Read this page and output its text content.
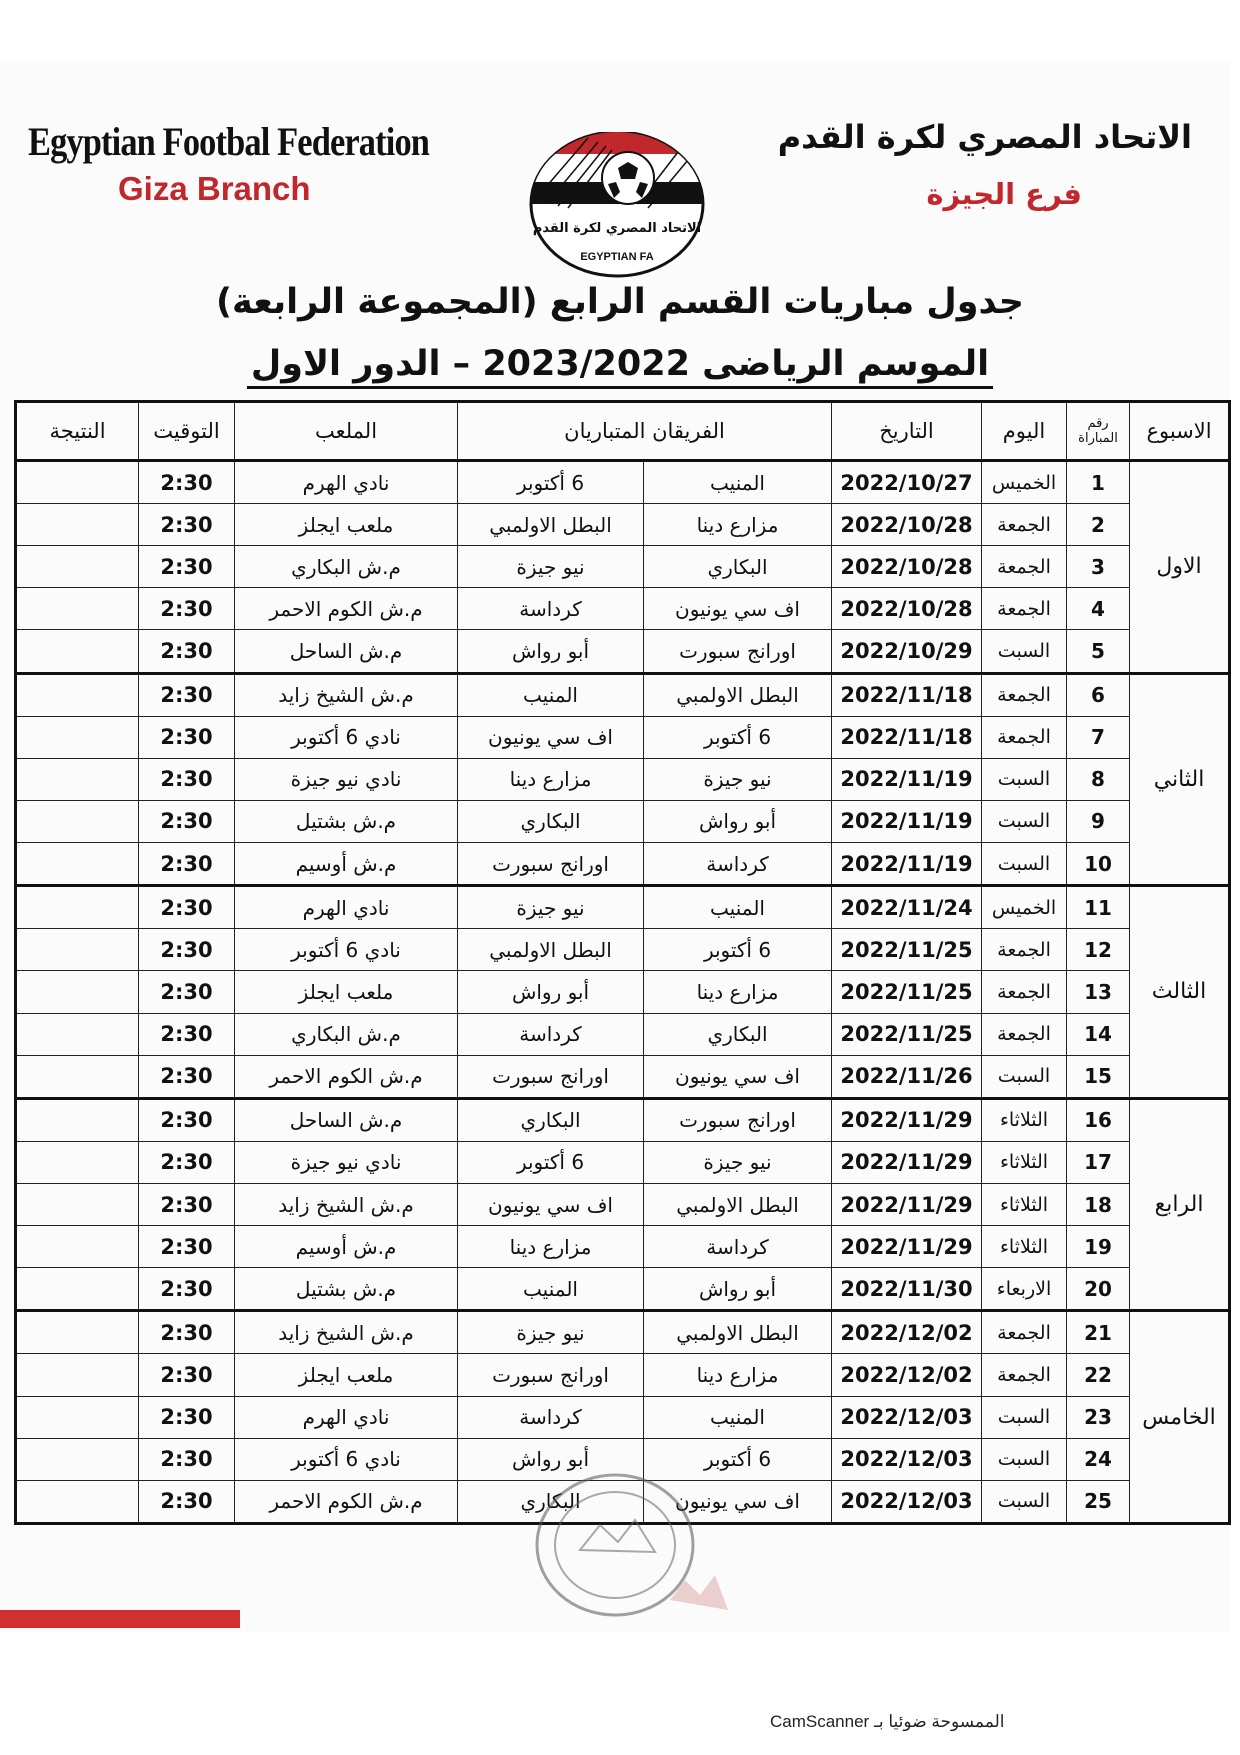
Egyptian Footbal Federation
Giza Branch
الاتحاد المصري لكرة القدم
فرع الجيزة
الاتحاد المصري لكرة القدم
EGYPTIAN FA
جدول مباريات القسم الرابع (المجموعة الرابعة)
الموسم الرياضى 2023/2022 – الدور الاول
الاسبوع	رقم المباراة	اليوم	التاريخ	الفريقان المتباريان		الملعب	التوقيت	النتيجة
الاول	1	الخميس	2022/10/27	المنيب	6 أكتوبر	نادي الهرم	2:30	
	2	الجمعة	2022/10/28	مزارع دينا	البطل الاولمبي	ملعب ايجلز	2:30	
	3	الجمعة	2022/10/28	البكاري	نيو جيزة	م.ش البكاري	2:30	
	4	الجمعة	2022/10/28	اف سي يونيون	كرداسة	م.ش الكوم الاحمر	2:30	
	5	السبت	2022/10/29	اورانج سبورت	أبو رواش	م.ش الساحل	2:30	
الثاني	6	الجمعة	2022/11/18	البطل الاولمبي	المنيب	م.ش الشيخ زايد	2:30	
	7	الجمعة	2022/11/18	6 أكتوبر	اف سي يونيون	نادي 6 أكتوبر	2:30	
	8	السبت	2022/11/19	نيو جيزة	مزارع دينا	نادي نيو جيزة	2:30	
	9	السبت	2022/11/19	أبو رواش	البكاري	م.ش بشتيل	2:30	
	10	السبت	2022/11/19	كرداسة	اورانج سبورت	م.ش أوسيم	2:30	
الثالث	11	الخميس	2022/11/24	المنيب	نيو جيزة	نادي الهرم	2:30	
	12	الجمعة	2022/11/25	6 أكتوبر	البطل الاولمبي	نادي 6 أكتوبر	2:30	
	13	الجمعة	2022/11/25	مزارع دينا	أبو رواش	ملعب ايجلز	2:30	
	14	الجمعة	2022/11/25	البكاري	كرداسة	م.ش البكاري	2:30	
	15	السبت	2022/11/26	اف سي يونيون	اورانج سبورت	م.ش الكوم الاحمر	2:30	
الرابع	16	الثلاثاء	2022/11/29	اورانج سبورت	البكاري	م.ش الساحل	2:30	
	17	الثلاثاء	2022/11/29	نيو جيزة	6 أكتوبر	نادي نيو جيزة	2:30	
	18	الثلاثاء	2022/11/29	البطل الاولمبي	اف سي يونيون	م.ش الشيخ زايد	2:30	
	19	الثلاثاء	2022/11/29	كرداسة	مزارع دينا	م.ش أوسيم	2:30	
	20	الاربعاء	2022/11/30	أبو رواش	المنيب	م.ش بشتيل	2:30	
الخامس	21	الجمعة	2022/12/02	البطل الاولمبي	نيو جيزة	م.ش الشيخ زايد	2:30	
	22	الجمعة	2022/12/02	مزارع دينا	اورانج سبورت	ملعب ايجلز	2:30	
	23	السبت	2022/12/03	المنيب	كرداسة	نادي الهرم	2:30	
	24	السبت	2022/12/03	6 أكتوبر	أبو رواش	نادي 6 أكتوبر	2:30	
	25	السبت	2022/12/03	اف سي يونيون	البكاري	م.ش الكوم الاحمر	2:30	
الممسوحة ضوئيا بـ CamScanner
